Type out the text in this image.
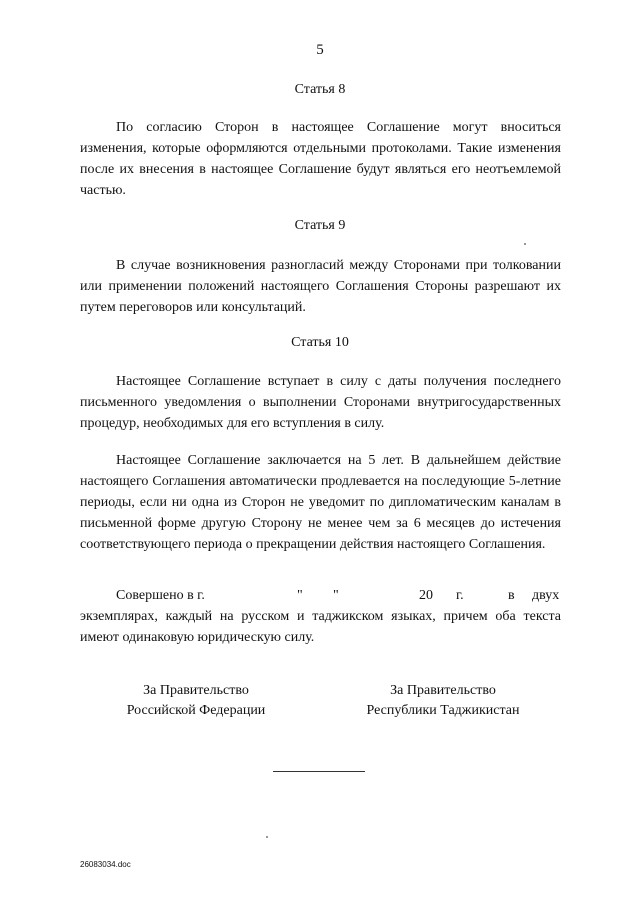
5
Статья 8

По согласию Сторон в настоящее Соглашение могут вноситься изменения, которые оформляются отдельными протоколами. Такие изменения после их внесения в настоящее Соглашение будут являться его неотъемлемой частью.

Статья 9

В случае возникновения разногласий между Сторонами при толковании или применении положений настоящего Соглашения Стороны разрешают их путем переговоров или консультаций.

Статья 10

Настоящее Соглашение вступает в силу с даты получения последнего письменного уведомления о выполнении Сторонами внутригосударственных процедур, необходимых для его вступления в силу.

Настоящее Соглашение заключается на 5 лет. В дальнейшем действие настоящего Соглашения автоматически продлевается на последующие 5-летние периоды, если ни одна из Сторон не уведомит по дипломатическим каналам в письменной форме другую Сторону не менее чем за 6 месяцев до истечения соответствующего периода о прекращении действия настоящего Соглашения.

Совершено в г.	" "	20 г.	в двух

экземплярах, каждый на русском и таджикском языках, причем оба текста имеют одинаковую юридическую силу.

За Правительство
Российской Федерации
За Правительство
Республики Таджикистан
26083034.doc
